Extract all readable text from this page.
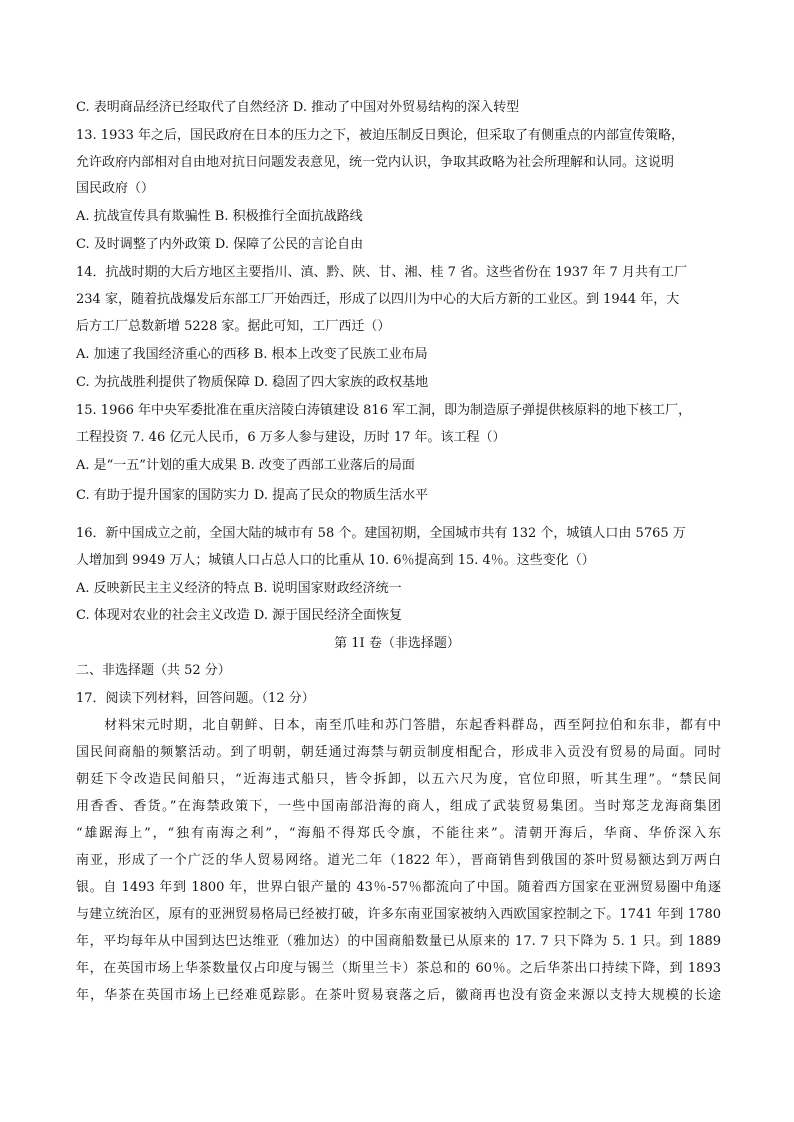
C. 表明商品经济已经取代了自然经济 D. 推动了中国对外贸易结构的深入转型
13. 1933 年之后，国民政府在日本的压力之下，被迫压制反日舆论，但采取了有侧重点的内部宣传策略，
允许政府内部相对自由地对抗日问题发表意见，统一党内认识，争取其政略为社会所理解和认同。这说明
国民政府（）
A. 抗战宣传具有欺骗性 B. 积极推行全面抗战路线
C. 及时调整了内外政策 D. 保障了公民的言论自由
14．抗战时期的大后方地区主要指川、滇、黔、陕、甘、湘、桂 7 省。这些省份在 1937 年 7 月共有工厂
234 家，随着抗战爆发后东部工厂开始西迁，形成了以四川为中心的大后方新的工业区。到 1944 年，大
后方工厂总数新增 5228 家。据此可知，工厂西迁（）
A. 加速了我国经济重心的西移 B. 根本上改变了民族工业布局
C. 为抗战胜利提供了物质保障 D. 稳固了四大家族的政权基地
15. 1966 年中央军委批准在重庆涪陵白涛镇建设 816 军工洞，即为制造原子弹提供核原料的地下核工厂，
工程投资 7. 46 亿元人民币，6 万多人参与建设，历时 17 年。该工程（）
A. 是“一五”计划的重大成果 B. 改变了西部工业落后的局面
C. 有助于提升国家的国防实力 D. 提高了民众的物质生活水平
16．新中国成立之前，全国大陆的城市有 58 个。建国初期，全国城市共有 132 个，城镇人口由 5765 万
人增加到 9949 万人；城镇人口占总人口的比重从 10. 6％提高到 15. 4％。这些变化（）
A. 反映新民主主义经济的特点 B. 说明国家财政经济统一
C. 体现对农业的社会主义改造 D. 源于国民经济全面恢复
第 1I 卷（非选择题）
二、非选择题（共 52 分）
17．阅读下列材料，回答问题。（12 分）
　　材料宋元时期，北自朝鲜、日本，南至爪哇和苏门答腊，东起香料群岛，西至阿拉伯和东非，都有中
国民间商船的频繁活动。到了明朝，朝廷通过海禁与朝贡制度相配合，形成非入贡没有贸易的局面。同时
朝廷下令改造民间船只，“近海违式船只，皆令拆卸，以五六尺为度，官位印照，听其生理”。“禁民间
用香香、香货。”在海禁政策下，一些中国南部沿海的商人，组成了武装贸易集团。当时郑芝龙海商集团
“雄踞海上”，“独有南海之利”，“海船不得郑氏令旗，不能往来”。清朝开海后，华商、华侨深入东
南亚，形成了一个广泛的华人贸易网络。道光二年（1822 年），晋商销售到俄国的茶叶贸易额达到万两白
银。自 1493 年到 1800 年，世界白银产量的 43％-57％都流向了中国。随着西方国家在亚洲贸易圈中角逐
与建立统治区，原有的亚洲贸易格局已经被打破，许多东南亚国家被纳入西欧国家控制之下。1741 年到 1780
年，平均每年从中国到达巴达维亚（雅加达）的中国商船数量已从原来的 17. 7 只下降为 5. 1 只。到 1889
年，在英国市场上华茶数量仅占印度与锡兰（斯里兰卡）茶总和的 60％。之后华茶出口持续下降，到 1893
年，华茶在英国市场上已经难觅踪影。在茶叶贸易衰落之后，徽商再也没有资金来源以支持大规模的长途
